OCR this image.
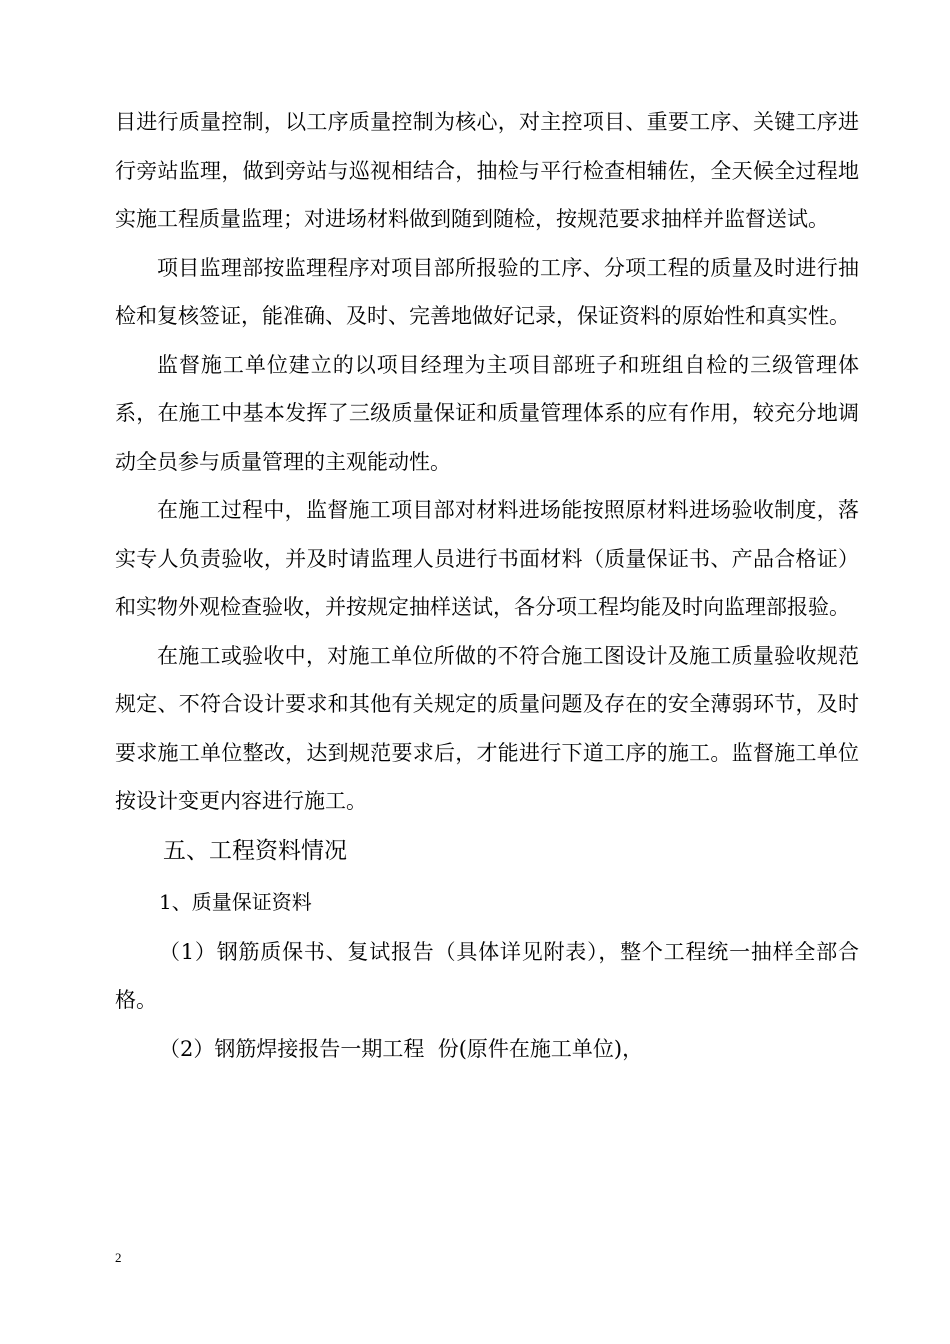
目进行质量控制，以工序质量控制为核心，对主控项目、重要工序、关键工序进行旁站监理，做到旁站与巡视相结合，抽检与平行检查相辅佐，全天候全过程地实施工程质量监理；对进场材料做到随到随检，按规范要求抽样并监督送试。

项目监理部按监理程序对项目部所报验的工序、分项工程的质量及时进行抽检和复核签证，能准确、及时、完善地做好记录，保证资料的原始性和真实性。

监督施工单位建立的以项目经理为主项目部班子和班组自检的三级管理体系，在施工中基本发挥了三级质量保证和质量管理体系的应有作用，较充分地调动全员参与质量管理的主观能动性。

在施工过程中，监督施工项目部对材料进场能按照原材料进场验收制度，落实专人负责验收，并及时请监理人员进行书面材料（质量保证书、产品合格证）和实物外观检查验收，并按规定抽样送试，各分项工程均能及时向监理部报验。

在施工或验收中，对施工单位所做的不符合施工图设计及施工质量验收规范规定、不符合设计要求和其他有关规定的质量问题及存在的安全薄弱环节，及时要求施工单位整改，达到规范要求后，才能进行下道工序的施工。监督施工单位按设计变更内容进行施工。

五、工程资料情况

1、质量保证资料

（1）钢筋质保书、复试报告（具体详见附表），整个工程统一抽样全部合格。

（2）钢筋焊接报告一期工程  份(原件在施工单位)，

2
